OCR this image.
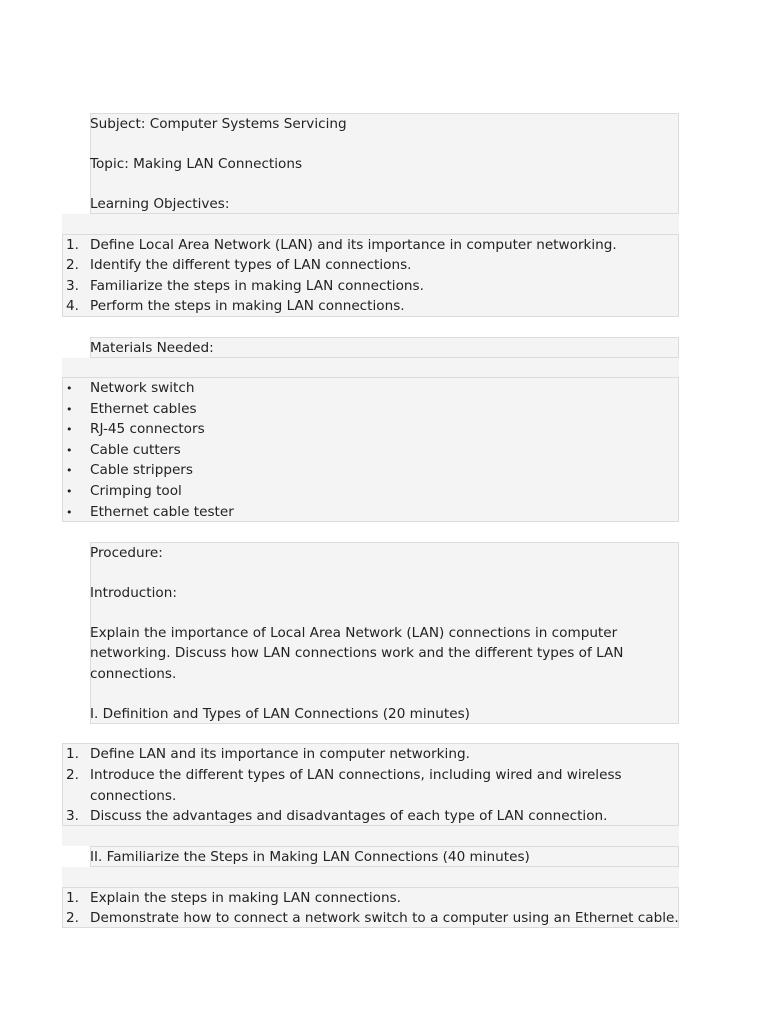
Subject: Computer Systems Servicing
Topic: Making LAN Connections
Learning Objectives:
1. Define Local Area Network (LAN) and its importance in computer networking.
2. Identify the different types of LAN connections.
3. Familiarize the steps in making LAN connections.
4. Perform the steps in making LAN connections.
Materials Needed:
• Network switch
• Ethernet cables
• RJ-45 connectors
• Cable cutters
• Cable strippers
• Crimping tool
• Ethernet cable tester
Procedure:
Introduction:
Explain the importance of Local Area Network (LAN) connections in computer
networking. Discuss how LAN connections work and the different types of LAN
connections.
I. Definition and Types of LAN Connections (20 minutes)
1. Define LAN and its importance in computer networking.
2. Introduce the different types of LAN connections, including wired and wireless
connections.
3. Discuss the advantages and disadvantages of each type of LAN connection.
II. Familiarize the Steps in Making LAN Connections (40 minutes)
1. Explain the steps in making LAN connections.
2. Demonstrate how to connect a network switch to a computer using an Ethernet cable.
